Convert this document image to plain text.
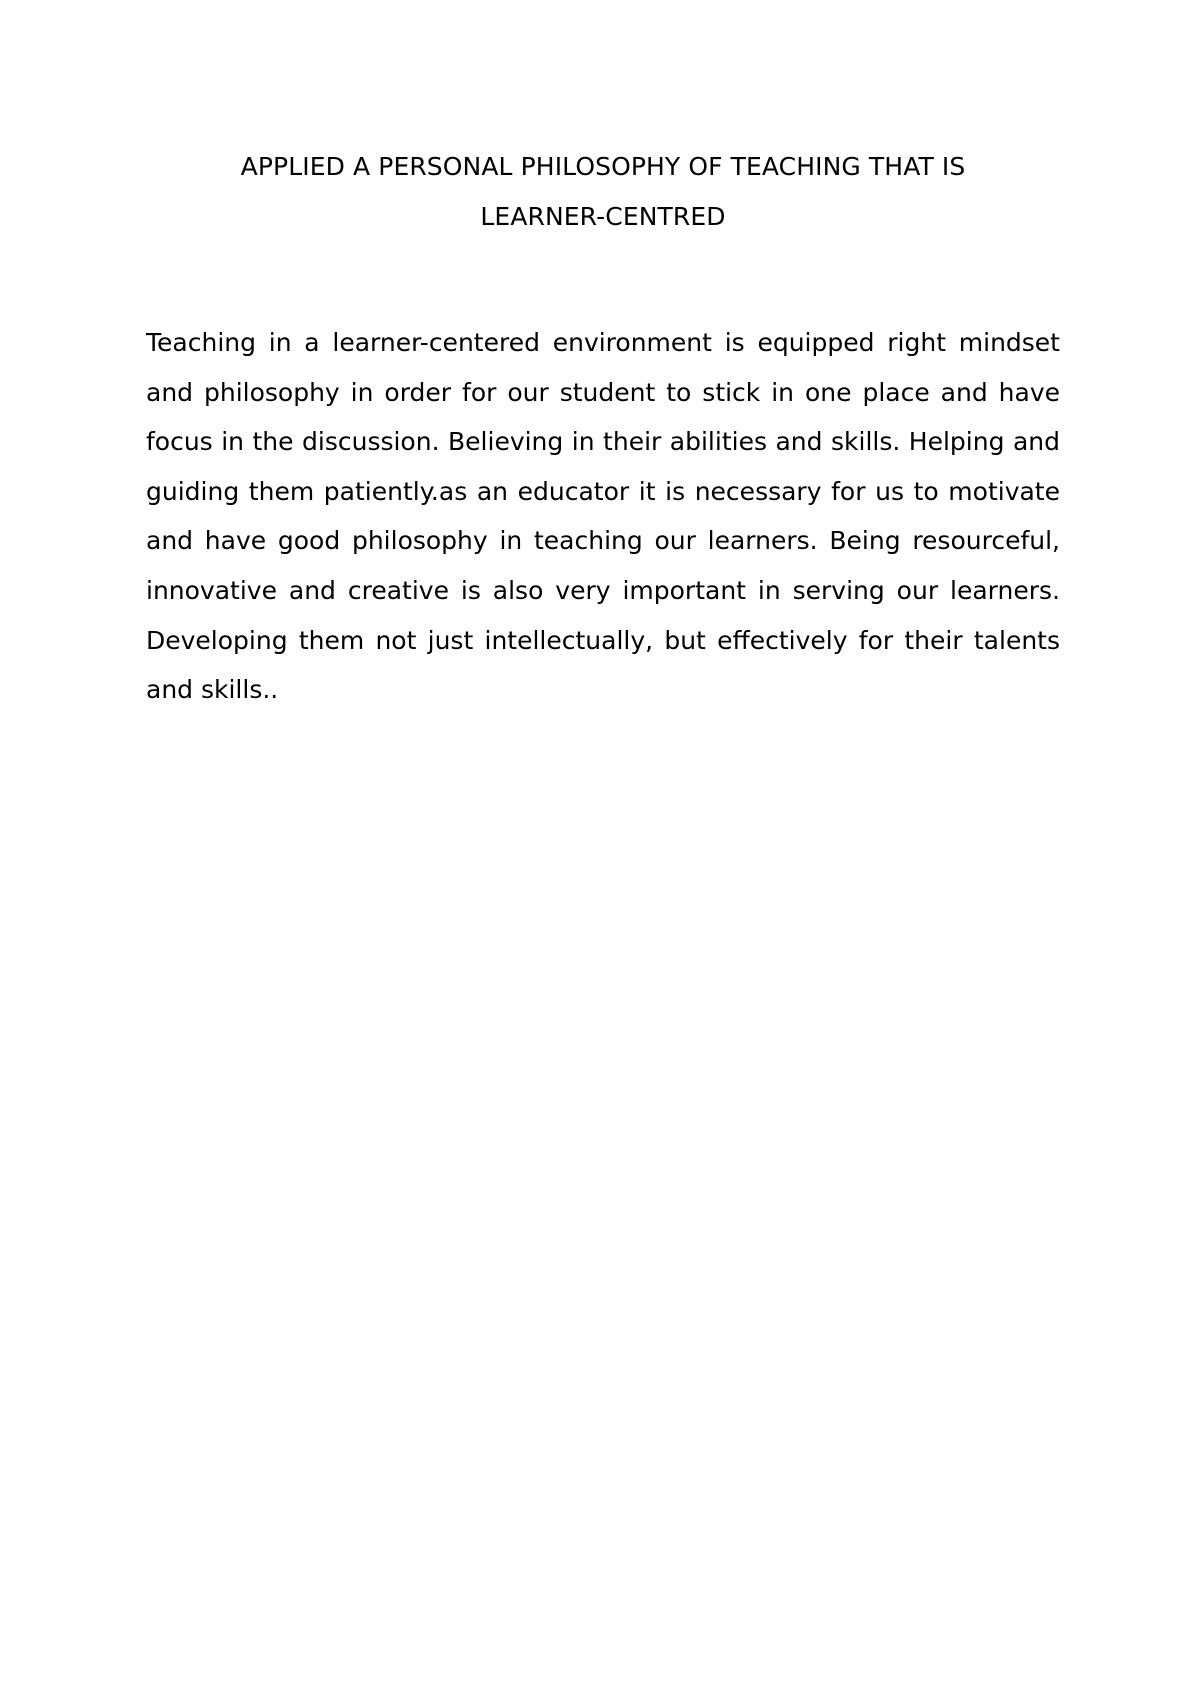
APPLIED A PERSONAL PHILOSOPHY OF TEACHING THAT IS
LEARNER-CENTRED

Teaching in a learner-centered environment is equipped right mindset and philosophy in order for our student to stick in one place and have focus in the discussion. Believing in their abilities and skills. Helping and guiding them patiently.as an educator it is necessary for us to motivate and have good philosophy in teaching our learners. Being resourceful, innovative and creative is also very important in serving our learners. Developing them not just intellectually, but effectively for their talents and skills..
